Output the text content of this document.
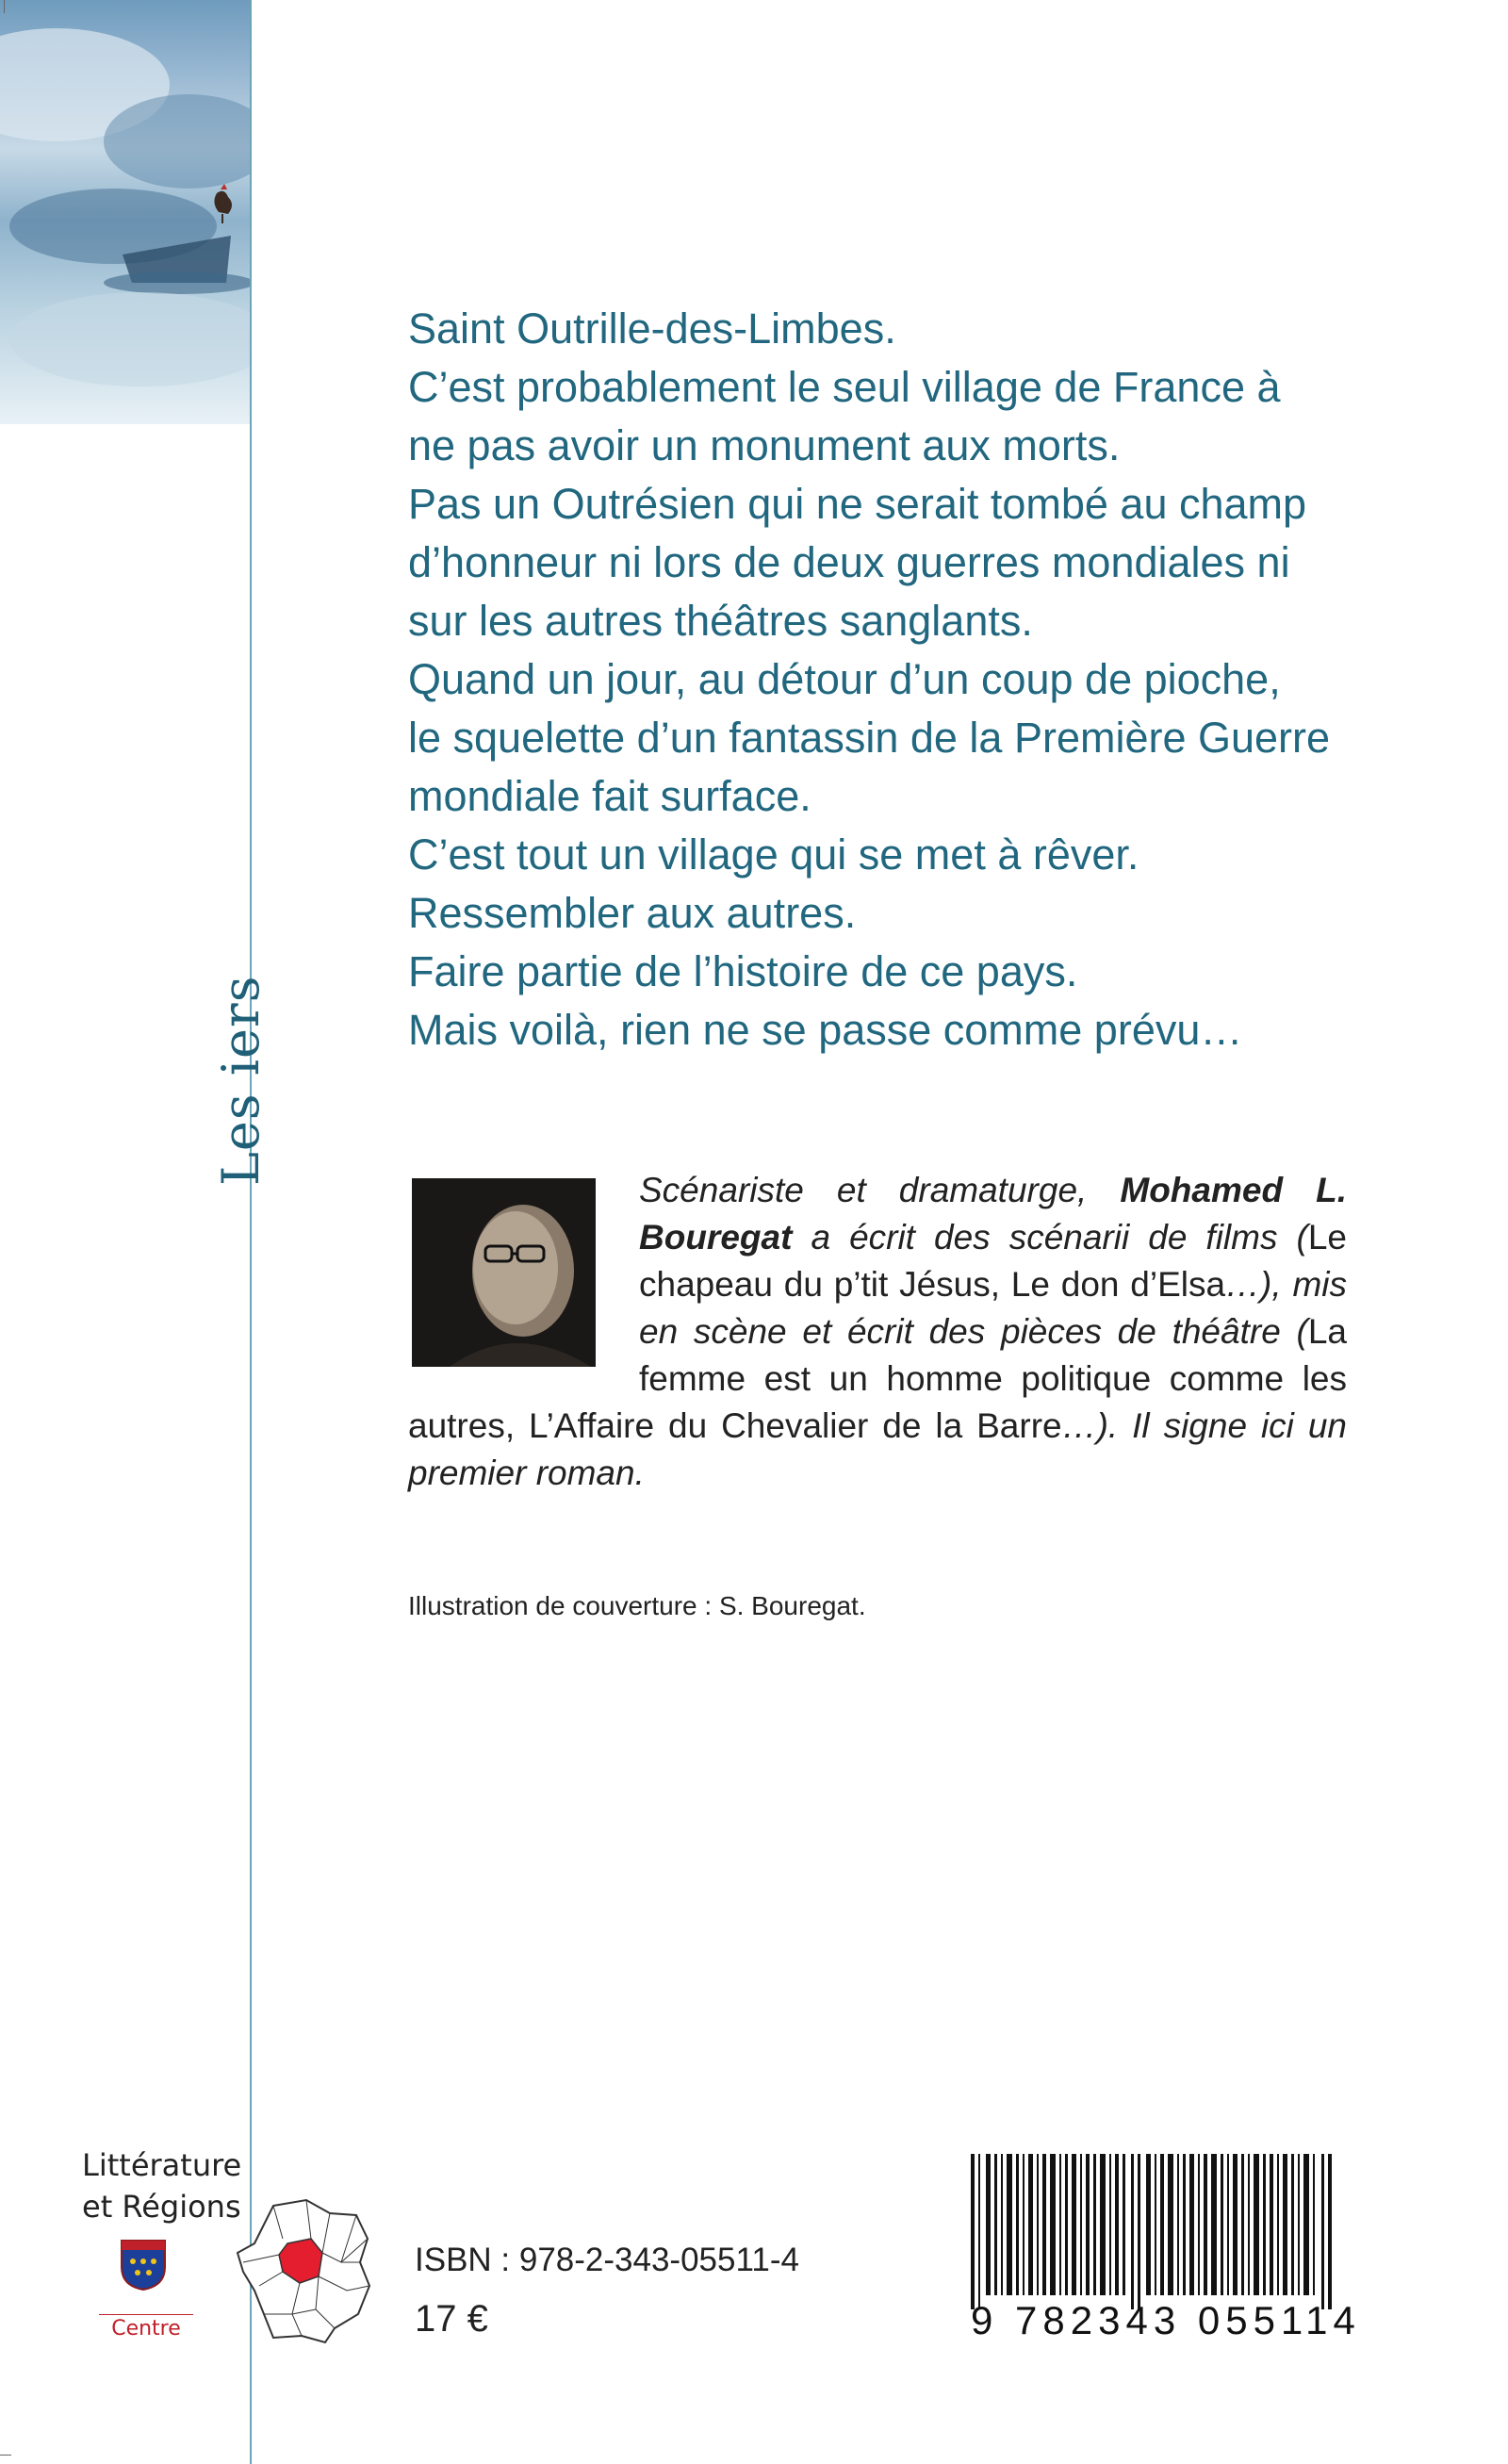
Les iers
Saint Outrille-des-Limbes.
C’est probablement le seul village de France à
ne pas avoir un monument aux morts.
Pas un Outrésien qui ne serait tombé au champ
d’honneur ni lors de deux guerres mondiales ni
sur les autres théâtres sanglants.
Quand un jour, au détour d’un coup de pioche,
le squelette d’un fantassin de la Première Guerre
mondiale fait surface.
C’est tout un village qui se met à rêver.
Ressembler aux autres.
Faire partie de l’histoire de ce pays.
Mais voilà, rien ne se passe comme prévu…
Scénariste et dramaturge, Mohamed L. Bouregat a écrit des scénarii de films (Le chapeau du p’tit Jésus, Le don d’Elsa…), mis en scène et écrit des pièces de théâtre (La femme est un homme politique comme les autres, L’Affaire du Chevalier de la Barre…). Il signe ici un premier roman.
Illustration de couverture : S. Bouregat.
Littérature
et Régions
Centre
ISBN : 978-2-343-05511-4
17 €	9 782343 055114
